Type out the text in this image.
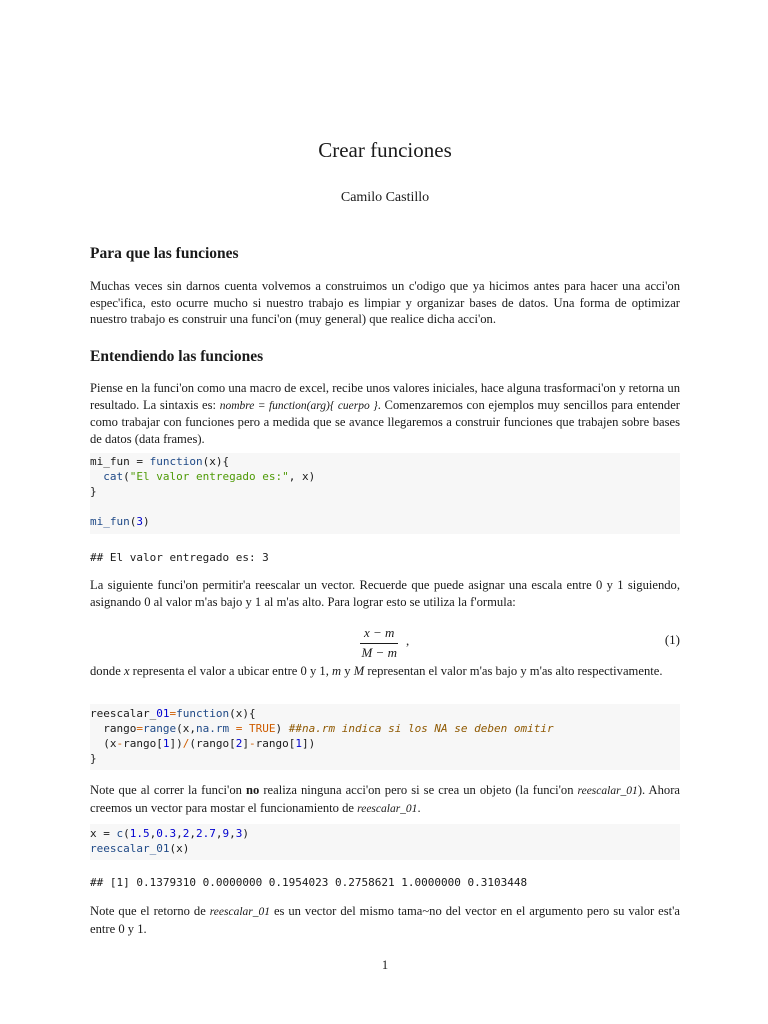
Crear funciones
Camilo Castillo
Para que las funciones
Muchas veces sin darnos cuenta volvemos a construimos un c'odigo que ya hicimos antes para hacer una acci'on espec'ifica, esto ocurre mucho si nuestro trabajo es limpiar y organizar bases de datos. Una forma de optimizar nuestro trabajo es construir una funci'on (muy general) que realice dicha acci'on.
Entendiendo las funciones
Piense en la funci'on como una macro de excel, recibe unos valores iniciales, hace alguna trasformaci'on y retorna un resultado. La sintaxis es: nombre = function(arg){ cuerpo }. Comenzaremos con ejemplos muy sencillos para entender como trabajar con funciones pero a medida que se avance llegaremos a construir funciones que trabajen sobre bases de datos (data frames).
mi_fun = function(x){
cat("El valor entregado es:", x)
}

mi_fun(3)
## El valor entregado es: 3
La siguiente funci'on permitir'a reescalar un vector. Recuerde que puede asignar una escala entre 0 y 1 siguiendo, asignando 0 al valor m'as bajo y 1 al m'as alto. Para lograr esto se utiliza la f'ormula:
$\frac{x - m}{M - m}$ ,	(1)
donde x representa el valor a ubicar entre 0 y 1, m y M representan el valor m'as bajo y m'as alto respectivamente.
reescalar_01=function(x){
rango=range(x,na.rm = TRUE) ##na.rm indica si los NA se deben omitir
(x-rango[1])/(rango[2]-rango[1])
}
Note que al correr la funci'on no realiza ninguna acci'on pero si se crea un objeto (la funci'on reescalar_01). Ahora creemos un vector para mostar el funcionamiento de reescalar_01.
x = c(1.5,0.3,2,2.7,9,3)
reescalar_01(x)
## [1] 0.1379310 0.0000000 0.1954023 0.2758621 1.0000000 0.3103448
Note que el retorno de reescalar_01 es un vector del mismo tama~no del vector en el argumento pero su valor est'a entre 0 y 1.
1
